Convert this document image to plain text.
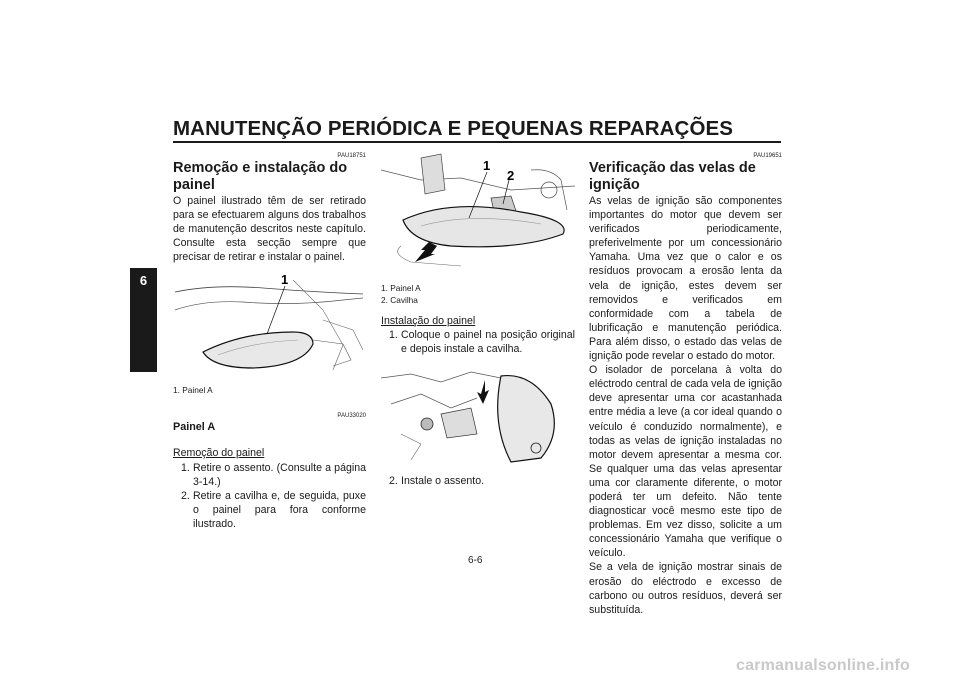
MANUTENÇÃO PERIÓDICA E PEQUENAS REPARAÇÕES
6
PAU18751
Remoção e instalação do painel
O painel ilustrado têm de ser retirado para se efectuarem alguns dos trabalhos de manutenção descritos neste capítulo. Consulte esta secção sempre que precisar de retirar e instalar o painel.
1
1. Painel A
PAU33020
Painel A
Remoção do painel
1. Retire o assento. (Consulte a página 3-14.)
2. Retire a cavilha e, de seguida, puxe o painel para fora conforme ilustrado.
1
2
1. Painel A
2. Cavilha
Instalação do painel
1. Coloque o painel na posição original e depois instale a cavilha.
2. Instale o assento.
PAU19651
Verificação das velas de ignição

As velas de ignição são componentes importantes do motor que devem ser verificados periodicamente, preferivelmente por um concessionário Yamaha. Uma vez que o calor e os resíduos provocam a erosão lenta da vela de ignição, estes devem ser removidos e verificados em conformidade com a tabela de lubrificação e manutenção periódica. Para além disso, o estado das velas de ignição pode revelar o estado do motor.

O isolador de porcelana à volta do eléctrodo central de cada vela de ignição deve apresentar uma cor acastanhada entre média a leve (a cor ideal quando o veículo é conduzido normalmente), e todas as velas de ignição instaladas no motor devem apresentar a mesma cor. Se qualquer uma das velas apresentar uma cor claramente diferente, o motor poderá ter um defeito. Não tente diagnosticar você mesmo este tipo de problemas. Em vez disso, solicite a um concessionário Yamaha que verifique o veículo.

Se a vela de ignição mostrar sinais de erosão do eléctrodo e excesso de carbono ou outros resíduos, deverá ser substituída.

6-6
carmanualsonline.info
